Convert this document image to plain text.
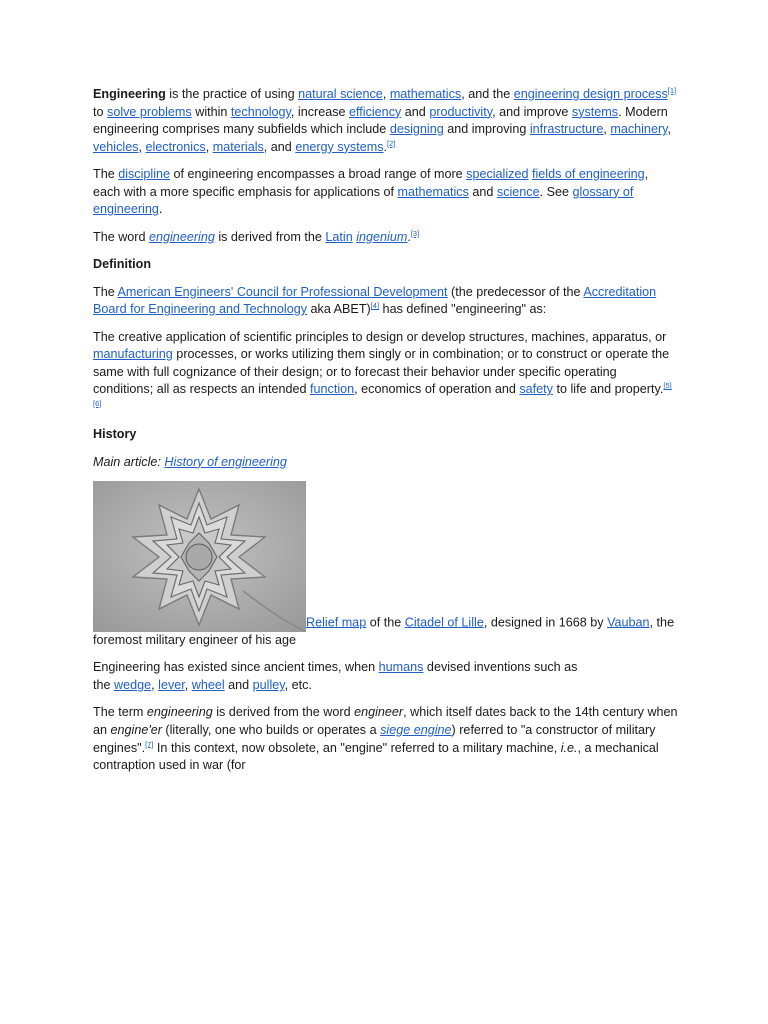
Engineering is the practice of using natural science, mathematics, and the engineering design process[1] to solve problems within technology, increase efficiency and productivity, and improve systems. Modern engineering comprises many subfields which include designing and improving infrastructure, machinery, vehicles, electronics, materials, and energy systems.[2]

The discipline of engineering encompasses a broad range of more specialized fields of engineering, each with a more specific emphasis for applications of mathematics and science. See glossary of engineering.

The word engineering is derived from the Latin ingenium.[3]

Definition

The American Engineers' Council for Professional Development (the predecessor of the Accreditation Board for Engineering and Technology aka ABET)[4] has defined "engineering" as:

The creative application of scientific principles to design or develop structures, machines, apparatus, or manufacturing processes, or works utilizing them singly or in combination; or to construct or operate the same with full cognizance of their design; or to forecast their behavior under specific operating conditions; all as respects an intended function, economics of operation and safety to life and property.[5][6]

History

Main article: History of engineering

Relief map of the Citadel of Lille, designed in 1668 by Vauban, the foremost military engineer of his age

Engineering has existed since ancient times, when humans devised inventions such as the wedge, lever, wheel and pulley, etc.

The term engineering is derived from the word engineer, which itself dates back to the 14th century when an engine'er (literally, one who builds or operates a siege engine) referred to "a constructor of military engines".[7] In this context, now obsolete, an "engine" referred to a military machine, i.e., a mechanical contraption used in war (for
